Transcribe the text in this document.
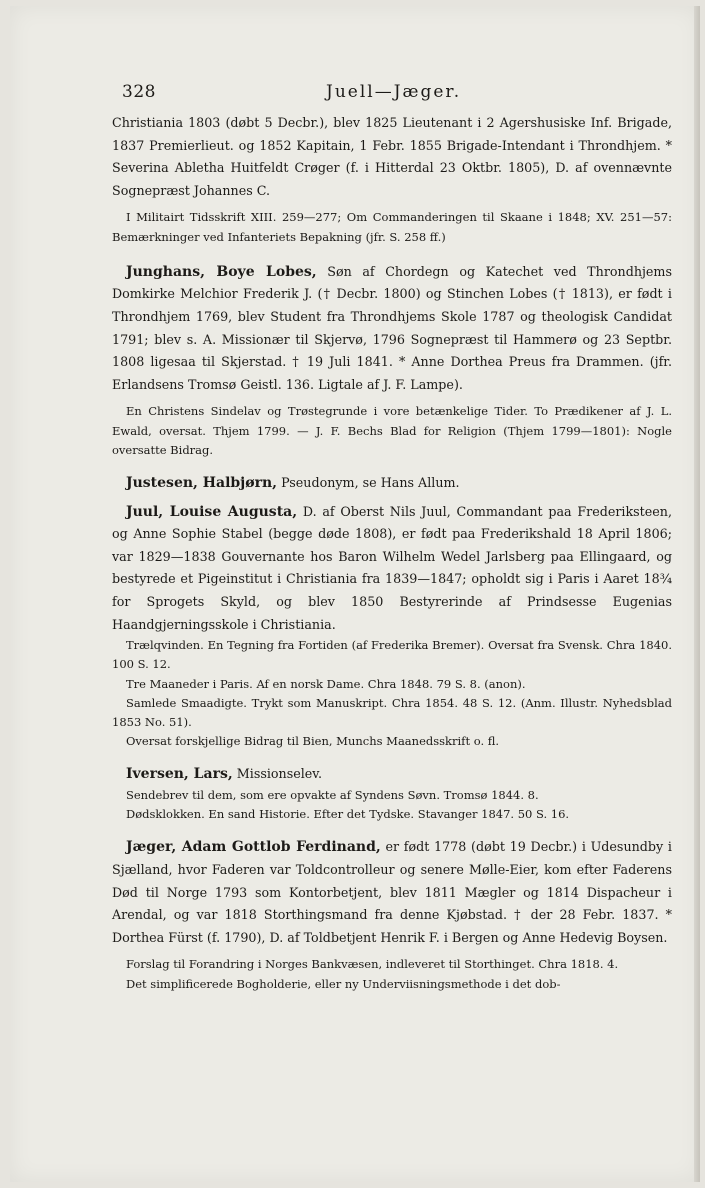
328	Juell—Jæger.

Christiania 1803 (døbt 5 Decbr.), blev 1825 Lieutenant i 2 Agershusiske Inf. Brigade, 1837 Premierlieut. og 1852 Kapitain, 1 Febr. 1855 Brigade-Intendant i Throndhjem. * Severina Abletha Huitfeldt Crøger (f. i Hitterdal 23 Oktbr. 1805), D. af ovennævnte Sognepræst Johannes C.

I Militairt Tidsskrift XIII. 259—277; Om Commanderingen til Skaane i 1848; XV. 251—57: Bemærkninger ved Infanteriets Bepakning (jfr. S. 258 ff.)

Junghans, Boye Lobes, Søn af Chordegn og Katechet ved Throndhjems Domkirke Melchior Frederik J. († Decbr. 1800) og Stinchen Lobes († 1813), er født i Throndhjem 1769, blev Student fra Throndhjems Skole 1787 og theologisk Candidat 1791; blev s. A. Missionær til Skjervø, 1796 Sognepræst til Hammerø og 23 Septbr. 1808 ligesaa til Skjerstad. † 19 Juli 1841. * Anne Dorthea Preus fra Drammen. (jfr. Erlandsens Tromsø Geistl. 136. Ligtale af J. F. Lampe).

En Christens Sindelav og Trøstegrunde i vore betænkelige Tider. To Prædikener af J. L. Ewald, oversat. Thjem 1799. — J. F. Bechs Blad for Religion (Thjem 1799—1801): Nogle oversatte Bidrag.

Justesen, Halbjørn, Pseudonym, se Hans Allum.

Juul, Louise Augusta, D. af Oberst Nils Juul, Commandant paa Frederiksteen, og Anne Sophie Stabel (begge døde 1808), er født paa Frederikshald 18 April 1806; var 1829—1838 Gouvernante hos Baron Wilhelm Wedel Jarlsberg paa Ellingaard, og bestyrede et Pigeinstitut i Christiania fra 1839—1847; opholdt sig i Paris i Aaret 18¾ for Sprogets Skyld, og blev 1850 Bestyrerinde af Prindsesse Eugenias Haandgjerningsskole i Christiania.

Trælqvinden. En Tegning fra Fortiden (af Frederika Bremer). Oversat fra Svensk. Chra 1840. 100 S. 12.

Tre Maaneder i Paris. Af en norsk Dame. Chra 1848. 79 S. 8. (anon).

Samlede Smaadigte. Trykt som Manuskript. Chra 1854. 48 S. 12. (Anm. Illustr. Nyhedsblad 1853 No. 51).

Oversat forskjellige Bidrag til Bien, Munchs Maanedsskrift o. fl.

Iversen, Lars, Missionselev.

Sendebrev til dem, som ere opvakte af Syndens Søvn. Tromsø 1844. 8.

Dødsklokken. En sand Historie. Efter det Tydske. Stavanger 1847. 50 S. 16.

Jæger, Adam Gottlob Ferdinand, er født 1778 (døbt 19 Decbr.) i Udesundby i Sjælland, hvor Faderen var Toldcontrolleur og senere Mølle-Eier, kom efter Faderens Død til Norge 1793 som Kontorbetjent, blev 1811 Mægler og 1814 Dispacheur i Arendal, og var 1818 Storthingsmand fra denne Kjøbstad. † der 28 Febr. 1837. * Dorthea Fürst (f. 1790), D. af Toldbetjent Henrik F. i Bergen og Anne Hedevig Boysen.

Forslag til Forandring i Norges Bankvæsen, indleveret til Storthinget. Chra 1818. 4.

Det simplificerede Bogholderie, eller ny Underviisningsmethode i det dob-
